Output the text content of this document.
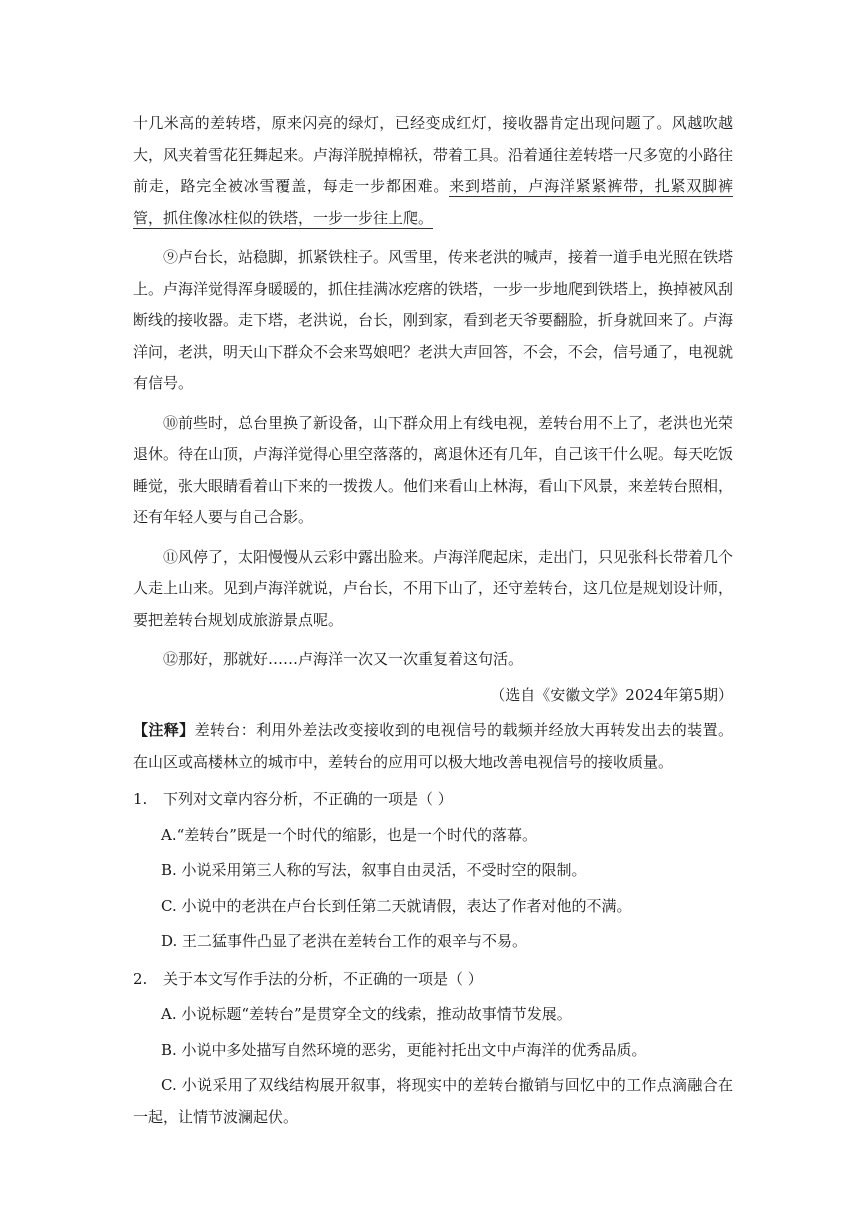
十几米高的差转塔，原来闪亮的绿灯，已经变成红灯，接收器肯定出现问题了。风越吹越大，风夹着雪花狂舞起来。卢海洋脱掉棉袄，带着工具。沿着通往差转塔一尺多宽的小路往前走，路完全被冰雪覆盖，每走一步都困难。来到塔前，卢海洋紧紧裤带，扎紧双脚裤管，抓住像冰柱似的铁塔，一步一步往上爬。

⑨卢台长，站稳脚，抓紧铁柱子。风雪里，传来老洪的喊声，接着一道手电光照在铁塔上。卢海洋觉得浑身暖暖的，抓住挂满冰疙瘩的铁塔，一步一步地爬到铁塔上，换掉被风刮断线的接收器。走下塔，老洪说，台长，刚到家，看到老天爷要翻脸，折身就回来了。卢海洋问，老洪，明天山下群众不会来骂娘吧？老洪大声回答，不会，不会，信号通了，电视就有信号。

⑩前些时，总台里换了新设备，山下群众用上有线电视，差转台用不上了，老洪也光荣退休。待在山顶，卢海洋觉得心里空落落的，离退休还有几年，自己该干什么呢。每天吃饭睡觉，张大眼睛看着山下来的一拨拨人。他们来看山上林海，看山下风景，来差转台照相，还有年轻人要与自己合影。

⑪风停了，太阳慢慢从云彩中露出脸来。卢海洋爬起床，走出门，只见张科长带着几个人走上山来。见到卢海洋就说，卢台长，不用下山了，还守差转台，这几位是规划设计师，要把差转台规划成旅游景点呢。

⑫那好，那就好……卢海洋一次又一次重复着这句活。

（选自《安徽文学》2024年第5期）

【注释】差转台：利用外差法改变接收到的电视信号的载频并经放大再转发出去的装置。在山区或高楼林立的城市中，差转台的应用可以极大地改善电视信号的接收质量。

1. 下列对文章内容分析，不正确的一项是（ ）

A.“差转台”既是一个时代的缩影，也是一个时代的落幕。

B. 小说采用第三人称的写法，叙事自由灵活，不受时空的限制。

C. 小说中的老洪在卢台长到任第二天就请假，表达了作者对他的不满。

D. 王二猛事件凸显了老洪在差转台工作的艰辛与不易。

2. 关于本文写作手法的分析，不正确的一项是（ ）

A. 小说标题“差转台”是贯穿全文的线索，推动故事情节发展。

B. 小说中多处描写自然环境的恶劣，更能衬托出文中卢海洋的优秀品质。

C. 小说采用了双线结构展开叙事，将现实中的差转台撤销与回忆中的工作点滴融合在一起，让情节波澜起伏。
